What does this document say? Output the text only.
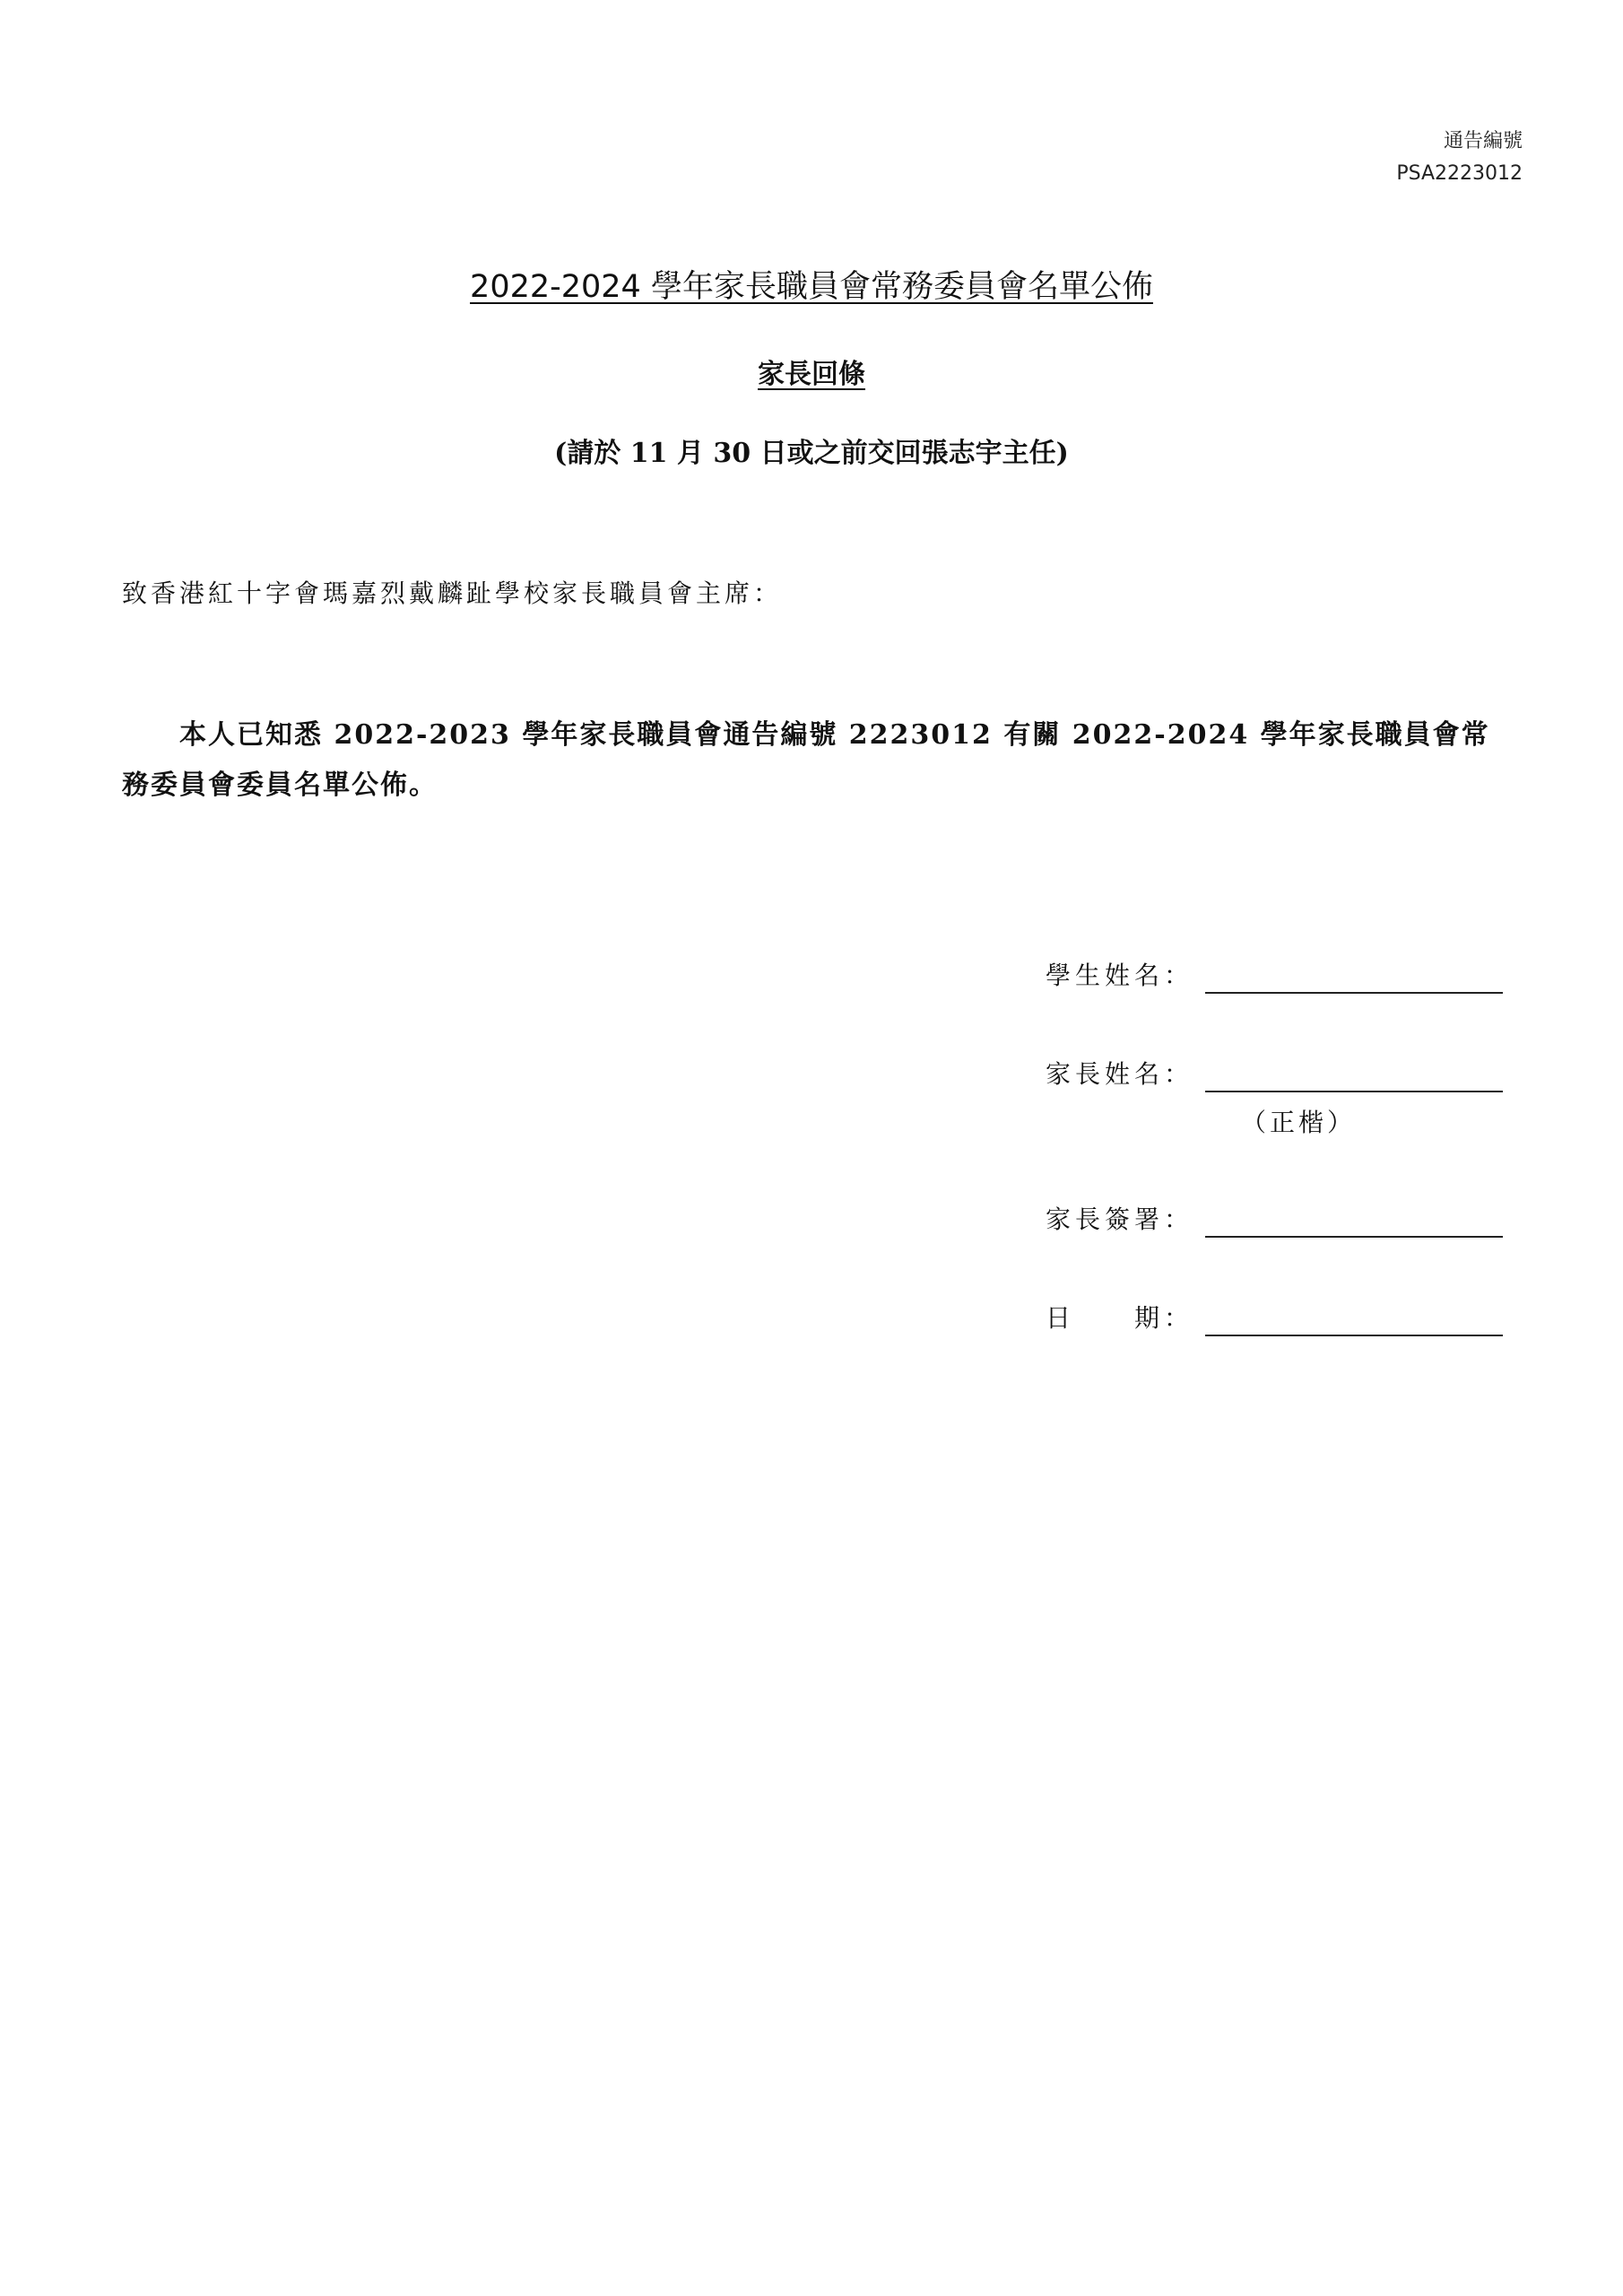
通告編號
PSA2223012
2022-2024 學年家長職員會常務委員會名單公佈
家長回條
(請於 11 月 30 日或之前交回張志宇主任)
致香港紅十字會瑪嘉烈戴麟趾學校家長職員會主席：
本人已知悉 2022-2023 學年家長職員會通告編號 2223012 有關 2022-2024 學年家長職員會常務委員會委員名單公佈。
學生姓名：
家長姓名：
（正楷）
家長簽署：
日　　期：
